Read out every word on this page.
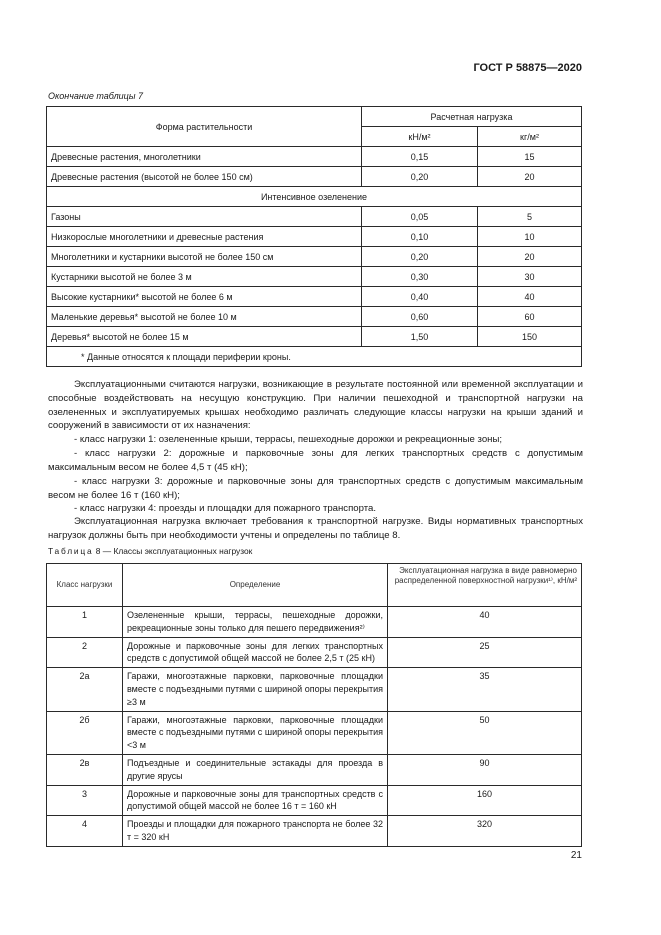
ГОСТ Р 58875—2020
Окончание таблицы 7
Форма растительности	Расчетная нагрузка	
	кН/м²	кг/м²
Древесные растения, многолетники	0,15	15
Древесные растения (высотой не более 150 см)	0,20	20
Интенсивное озеленение		
Газоны	0,05	5
Низкорослые многолетники и древесные растения	0,10	10
Многолетники и кустарники высотой не более 150 см	0,20	20
Кустарники высотой не более 3 м	0,30	30
Высокие кустарники* высотой не более 6 м	0,40	40
Маленькие деревья* высотой не более 10 м	0,60	60
Деревья* высотой не более 15 м	1,50	150
* Данные относятся к площади периферии кроны.		

Эксплуатационными считаются нагрузки, возникающие в результате постоянной или временной эксплуатации и способные воздействовать на несущую конструкцию. При наличии пешеходной и транспортной нагрузки на озелененных и эксплуатируемых крышах необходимо различать следующие классы нагрузки на крыши зданий и сооружений в зависимости от их назначения:

- класс нагрузки 1: озелененные крыши, террасы, пешеходные дорожки и рекреационные зоны;

- класс нагрузки 2: дорожные и парковочные зоны для легких транспортных средств с допустимым максимальным весом не более 4,5 т (45 кН);

- класс нагрузки 3: дорожные и парковочные зоны для транспортных средств с допустимым максимальным весом не более 16 т (160 кН);

- класс нагрузки 4: проезды и площадки для пожарного транспорта.

Эксплуатационная нагрузка включает требования к транспортной нагрузке. Виды нормативных транспортных нагрузок должны быть при необходимости учтены и определены по таблице 8.

Таблица 8 — Классы эксплуатационных нагрузок
Класс нагрузки	Определение	Эксплуатационная нагрузка в виде равномерно распределенной поверхностной нагрузки¹⁾, кН/м²
1	Озелененные крыши, террасы, пешеходные дорожки, рекреационные зоны только для пешего передвижения²⁾	40
2	Дорожные и парковочные зоны для легких транспортных средств с допустимой общей массой не более 2,5 т (25 кН)	25
2а	Гаражи, многоэтажные парковки, парковочные площадки вместе с подъездными путями с шириной опоры перекрытия ≥3 м	35
2б	Гаражи, многоэтажные парковки, парковочные площадки вместе с подъездными путями с шириной опоры перекрытия <3 м	50
2в	Подъездные и соединительные эстакады для проезда в другие ярусы	90
3	Дорожные и парковочные зоны для транспортных средств с допустимой общей массой не более 16 т = 160 кН	160
4	Проезды и площадки для пожарного транспорта не более 32 т = 320 кН	320
21
